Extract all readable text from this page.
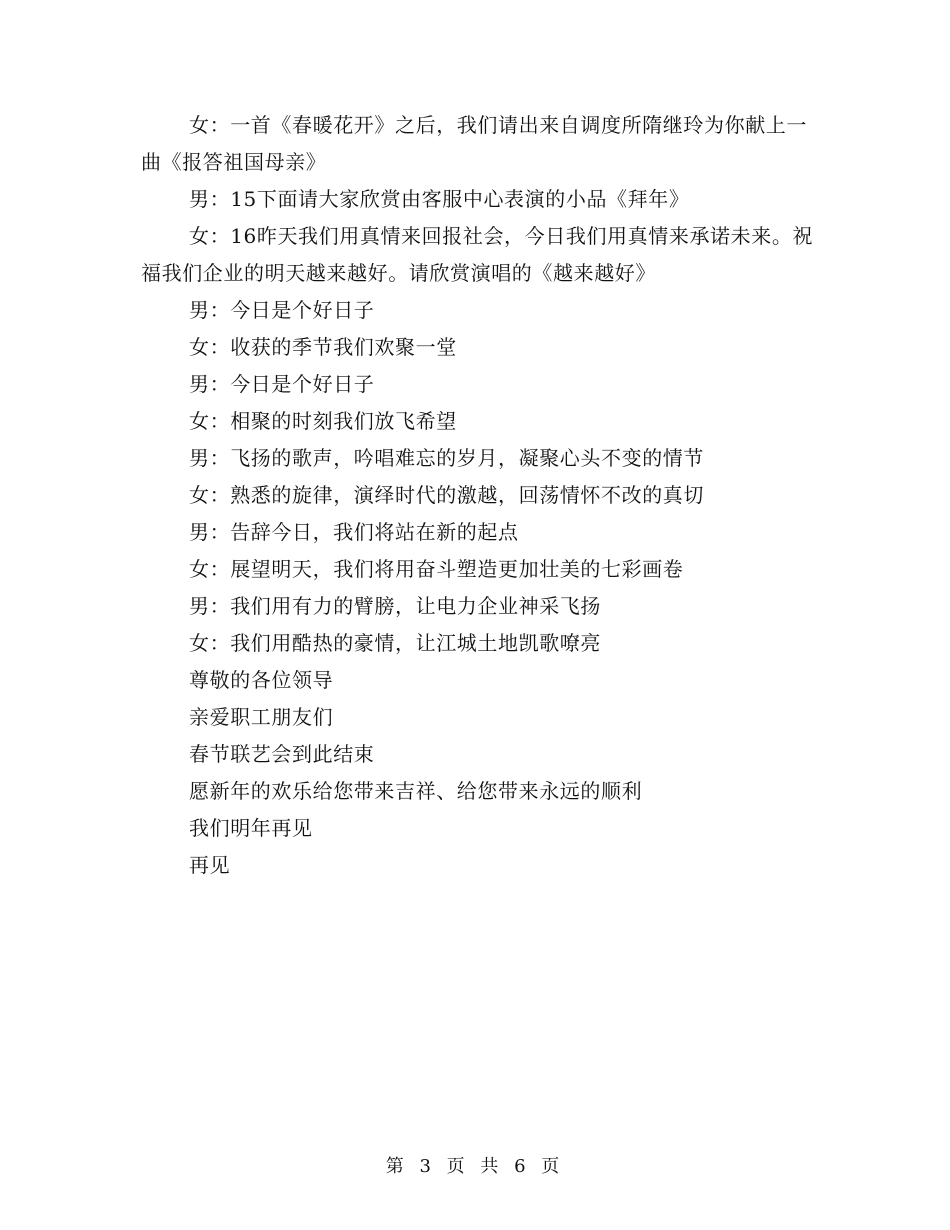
女：一首《春暖花开》之后，我们请出来自调度所隋继玲为你献上一曲《报答祖国母亲》

男：15下面请大家欣赏由客服中心表演的小品《拜年》

女：16昨天我们用真情来回报社会，今日我们用真情来承诺未来。祝福我们企业的明天越来越好。请欣赏演唱的《越来越好》

男：今日是个好日子

女：收获的季节我们欢聚一堂

男：今日是个好日子

女：相聚的时刻我们放飞希望

男：飞扬的歌声，吟唱难忘的岁月，凝聚心头不变的情节

女：熟悉的旋律，演绎时代的激越，回荡情怀不改的真切

男：告辞今日，我们将站在新的起点

女：展望明天，我们将用奋斗塑造更加壮美的七彩画卷

男：我们用有力的臂膀，让电力企业神采飞扬

女：我们用酷热的豪情，让江城土地凯歌嘹亮

尊敬的各位领导

亲爱职工朋友们

春节联艺会到此结束

愿新年的欢乐给您带来吉祥、给您带来永远的顺利

我们明年再见

再见

第 3 页 共 6 页
